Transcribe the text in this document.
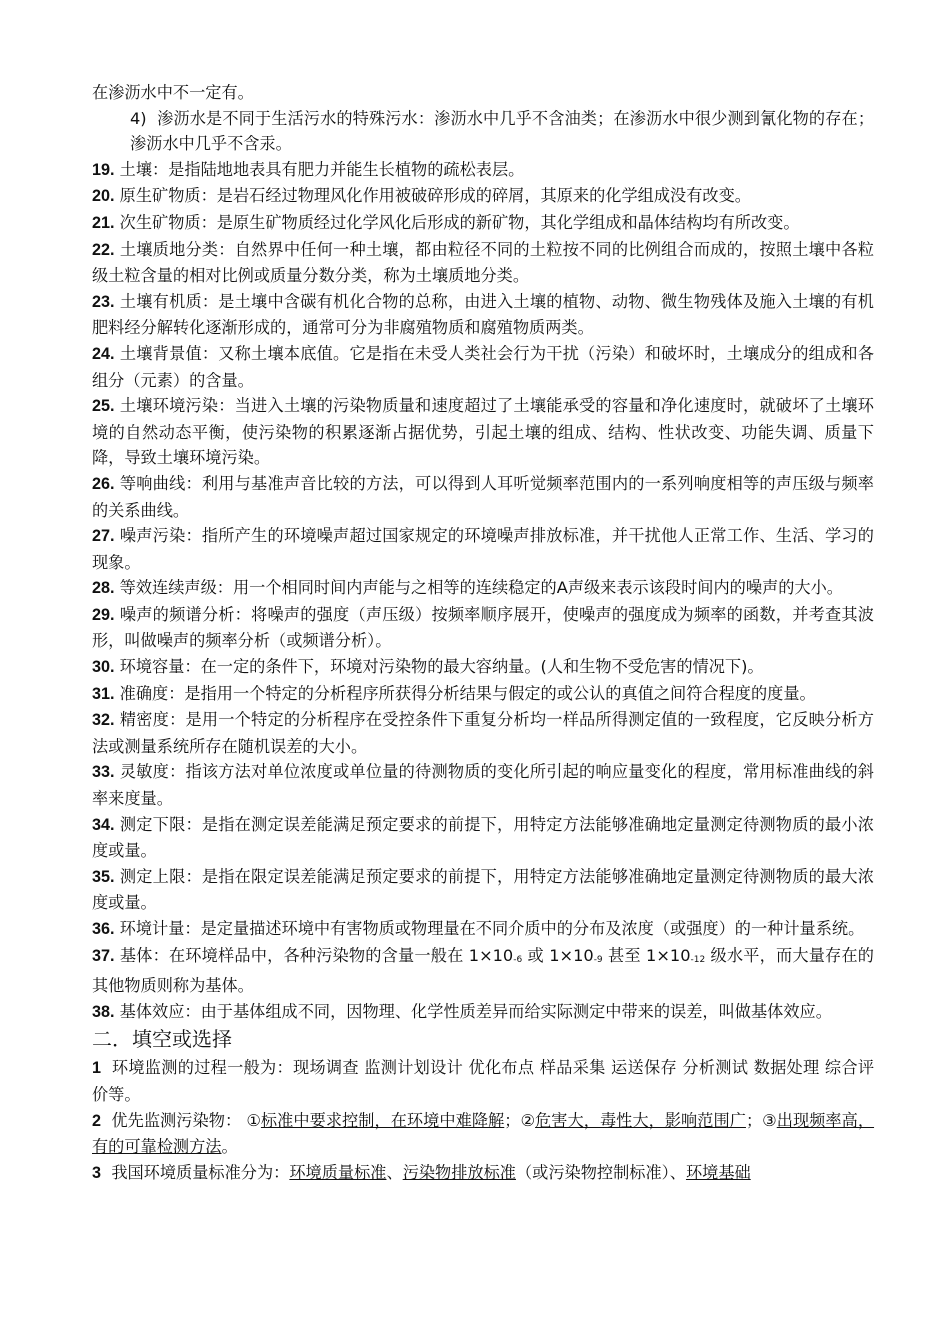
在渗沥水中不一定有。

4) 渗沥水是不同于生活污水的特殊污水：渗沥水中几乎不含油类；在渗沥水中很少测到氰化物的存在；渗沥水中几乎不含汞。

19. 土壤：是指陆地地表具有肥力并能生长植物的疏松表层。

20. 原生矿物质：是岩石经过物理风化作用被破碎形成的碎屑，其原来的化学组成没有改变。

21. 次生矿物质：是原生矿物质经过化学风化后形成的新矿物，其化学组成和晶体结构均有所改变。

22. 土壤质地分类：自然界中任何一种土壤，都由粒径不同的土粒按不同的比例组合而成的，按照土壤中各粒级土粒含量的相对比例或质量分数分类，称为土壤质地分类。

23. 土壤有机质：是土壤中含碳有机化合物的总称，由进入土壤的植物、动物、微生物残体及施入土壤的有机肥料经分解转化逐渐形成的，通常可分为非腐殖物质和腐殖物质两类。

24. 土壤背景值：又称土壤本底值。它是指在未受人类社会行为干扰（污染）和破坏时，土壤成分的组成和各组分（元素）的含量。

25. 土壤环境污染：当进入土壤的污染物质量和速度超过了土壤能承受的容量和净化速度时，就破坏了土壤环境的自然动态平衡，使污染物的积累逐渐占据优势，引起土壤的组成、结构、性状改变、功能失调、质量下降，导致土壤环境污染。

26. 等响曲线：利用与基准声音比较的方法，可以得到人耳听觉频率范围内的一系列响度相等的声压级与频率的关系曲线。

27. 噪声污染：指所产生的环境噪声超过国家规定的环境噪声排放标准，并干扰他人正常工作、生活、学习的现象。

28. 等效连续声级：用一个相同时间内声能与之相等的连续稳定的A声级来表示该段时间内的噪声的大小。

29. 噪声的频谱分析：将噪声的强度（声压级）按频率顺序展开，使噪声的强度成为频率的函数，并考查其波形，叫做噪声的频率分析（或频谱分析）。

30. 环境容量：在一定的条件下，环境对污染物的最大容纳量。(人和生物不受危害的情况下)。

31. 准确度：是指用一个特定的分析程序所获得分析结果与假定的或公认的真值之间符合程度的度量。

32. 精密度：是用一个特定的分析程序在受控条件下重复分析均一样品所得测定值的一致程度，它反映分析方法或测量系统所存在随机误差的大小。

33. 灵敏度：指该方法对单位浓度或单位量的待测物质的变化所引起的响应量变化的程度，常用标准曲线的斜率来度量。

34. 测定下限：是指在测定误差能满足预定要求的前提下，用特定方法能够准确地定量测定待测物质的最小浓度或量。

35. 测定上限：是指在限定误差能满足预定要求的前提下，用特定方法能够准确地定量测定待测物质的最大浓度或量。

36. 环境计量：是定量描述环境中有害物质或物理量在不同介质中的分布及浓度（或强度）的一种计量系统。

37. 基体：在环境样品中，各种污染物的含量一般在 $1\times 10_{-6}$ 或 $1\times 10_{-9}$ 甚至 $1\times 10_{-12}$ 级水平，而大量存在的其他物质则称为基体。

38. 基体效应：由于基体组成不同，因物理、化学性质差异而给实际测定中带来的误差，叫做基体效应。

二．填空或选择

1 环境监测的过程一般为：现场调查 监测计划设计 优化布点 样品采集 运送保存 分析测试 数据处理 综合评价等。

2 优先监测污染物： ①标准中要求控制，在环境中难降解；②危害大，毒性大，影响范围广；③出现频率高，有的可靠检测方法。

3 我国环境质量标准分为：环境质量标准、污染物排放标准（或污染物控制标准）、环境基础
